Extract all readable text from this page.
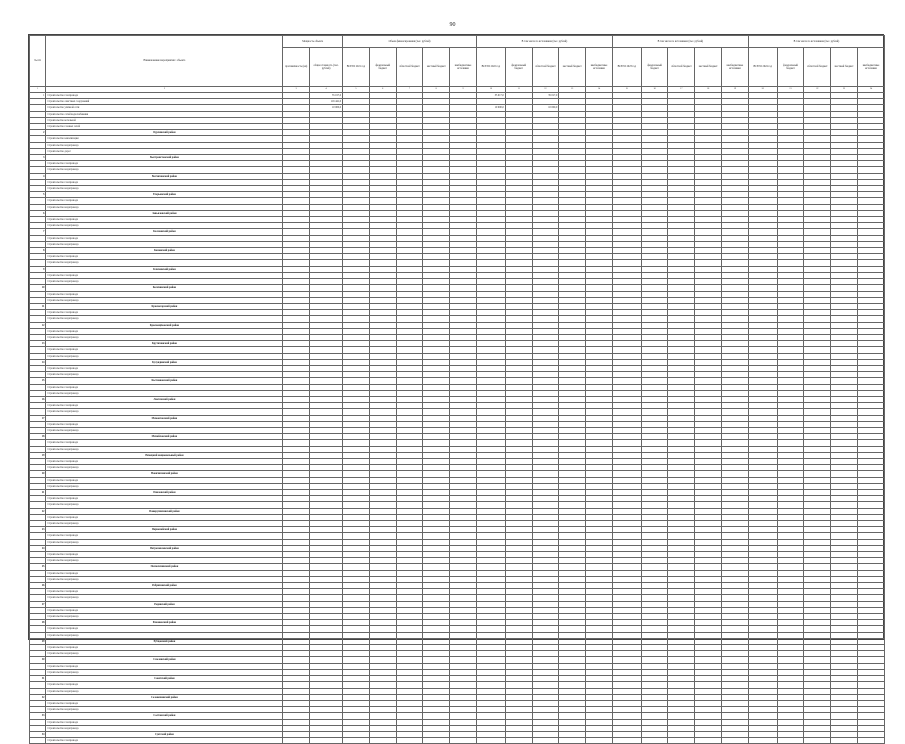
90
№ п/п	Наименование мероприятия / объекта	Мощность объекта		Объем финансирования (тыс. рублей)					В том числе по источникам (тыс. рублей)					В том числе по источникам (тыс. рублей)					В том числе по источникам (тыс. рублей)				
		протяжённость (км)	общая стоимость (тыс. рублей)	ВСЕГО 2021 год	федеральный бюджет	областной бюджет	местный бюджет	внебюджетные источники	ВСЕГО 2022 год	федеральный бюджет	областной бюджет	местный бюджет	внебюджетные источники	ВСЕГО 2023 год	федеральный бюджет	областной бюджет	местный бюджет	внебюджетные источники	ВСЕГО 2024 год	федеральный бюджет	областной бюджет	местный бюджет	внебюджетные источники
1	2	3	4	5	6	7	8	9	10	11	12	13	14	15	16	17	18	19	20	21	22	23	24
1	Строительство газопровода		35 017,0						35 017,0		35 017,0												
	Строительство очистных сооружений		116 441,0																				
	Строительство уличной сети		10 000,0						10 000,0		10 000,0												
	Строительство сетей водоснабжения																						
	Строительство котельной																						
	Строительство газовых сетей																						
2	Бурлинский район																						
	Строительство канализации																						
	Строительство водопровода																						
	Строительство дорог																						
3	Быстроистокский район																						
	Строительство газопровода																						
	Строительство водопровода																						
4	Волчихинский район																						
	Строительство газопровода																						
	Строительство водопровода																						
5	Егорьевский район																						
	Строительство газопровода																						
	Строительство водопровода																						
6	Завьяловский район																						
	Строительство газопровода																						
	Строительство водопровода																						
7	Калманский район																						
	Строительство газопровода																						
	Строительство водопровода																						
8	Каменский район																						
	Строительство газопровода																						
	Строительство водопровода																						
9	Ключевский район																						
	Строительство газопровода																						
	Строительство водопровода																						
10	Косихинский район																						
	Строительство газопровода																						
	Строительство водопровода																						
11	Красногорский район																						
	Строительство газопровода																						
	Строительство водопровода																						
12	Краснощёковский район																						
	Строительство газопровода																						
	Строительство водопровода																						
13	Крутихинский район																						
	Строительство газопровода																						
	Строительство водопровода																						
14	Кулундинский район																						
	Строительство газопровода																						
	Строительство водопровода																						
15	Кытмановский район																						
	Строительство газопровода																						
	Строительство водопровода																						
16	Локтевский район																						
	Строительство газопровода																						
	Строительство водопровода																						
17	Мамонтовский район																						
	Строительство газопровода																						
	Строительство водопровода																						
18	Михайловский район																						
	Строительство газопровода																						
	Строительство водопровода																						
19	Немецкий национальный район																						
	Строительство газопровода																						
	Строительство водопровода																						
20	Новичихинский район																						
	Строительство газопровода																						
	Строительство водопровода																						
21	Павловский район																						
	Строительство газопровода																						
	Строительство водопровода																						
22	Панкрушихинский район																						
	Строительство газопровода																						
	Строительство водопровода																						
23	Первомайский район																						
	Строительство газопровода																						
	Строительство водопровода																						
24	Петропавловский район																						
	Строительство газопровода																						
	Строительство водопровода																						
25	Поспелихинский район																						
	Строительство газопровода																						
	Строительство водопровода																						
26	Ребрихинский район																						
	Строительство газопровода																						
	Строительство водопровода																						
27	Родинский район																						
	Строительство газопровода																						
	Строительство водопровода																						
28	Романовский район																						
	Строительство газопровода																						
	Строительство водопровода																						
29	Рубцовский район																						
	Строительство газопровода																						
	Строительство водопровода																						
30	Смоленский район																						
	Строительство газопровода																						
	Строительство водопровода																						
31	Советский район																						
	Строительство газопровода																						
	Строительство водопровода																						
32	Солонешенский район																						
	Строительство газопровода																						
	Строительство водопровода																						
33	Солтонский район																						
	Строительство газопровода																						
	Строительство водопровода																						
34	Суетский район																						
	Строительство газопровода																						
